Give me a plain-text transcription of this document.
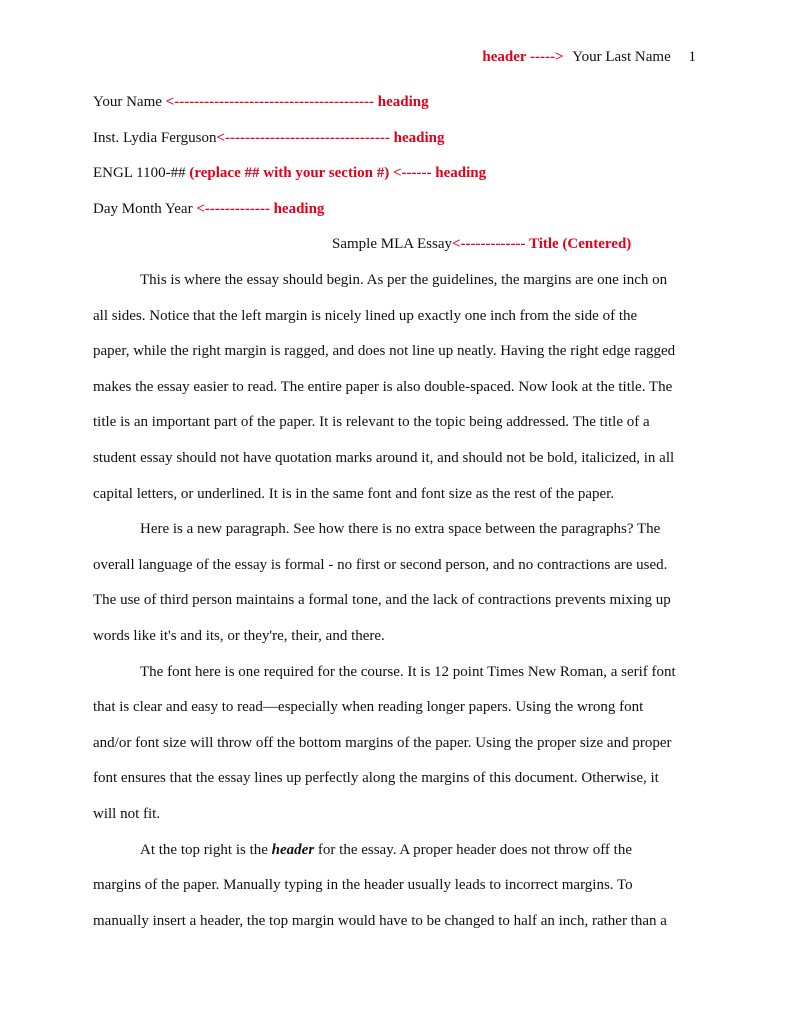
header -----> Your Last Name 1
Your Name <---------------------------------------- heading
Inst. Lydia Ferguson<--------------------------------- heading
ENGL 1100-## (replace ## with your section #) <------ heading
Day Month Year <------------- heading
Sample MLA Essay<------------- Title (Centered)
This is where the essay should begin. As per the guidelines, the margins are one inch on
all sides. Notice that the left margin is nicely lined up exactly one inch from the side of the
paper, while the right margin is ragged, and does not line up neatly. Having the right edge ragged
makes the essay easier to read. The entire paper is also double-spaced. Now look at the title. The
title is an important part of the paper. It is relevant to the topic being addressed. The title of a
student essay should not have quotation marks around it, and should not be bold, italicized, in all
capital letters, or underlined. It is in the same font and font size as the rest of the paper.
Here is a new paragraph. See how there is no extra space between the paragraphs? The
overall language of the essay is formal - no first or second person, and no contractions are used.
The use of third person maintains a formal tone, and the lack of contractions prevents mixing up
words like it's and its, or they're, their, and there.
The font here is one required for the course. It is 12 point Times New Roman, a serif font
that is clear and easy to read—especially when reading longer papers. Using the wrong font
and/or font size will throw off the bottom margins of the paper. Using the proper size and proper
font ensures that the essay lines up perfectly along the margins of this document. Otherwise, it
will not fit.
At the top right is the header for the essay. A proper header does not throw off the
margins of the paper. Manually typing in the header usually leads to incorrect margins. To
manually insert a header, the top margin would have to be changed to half an inch, rather than a
